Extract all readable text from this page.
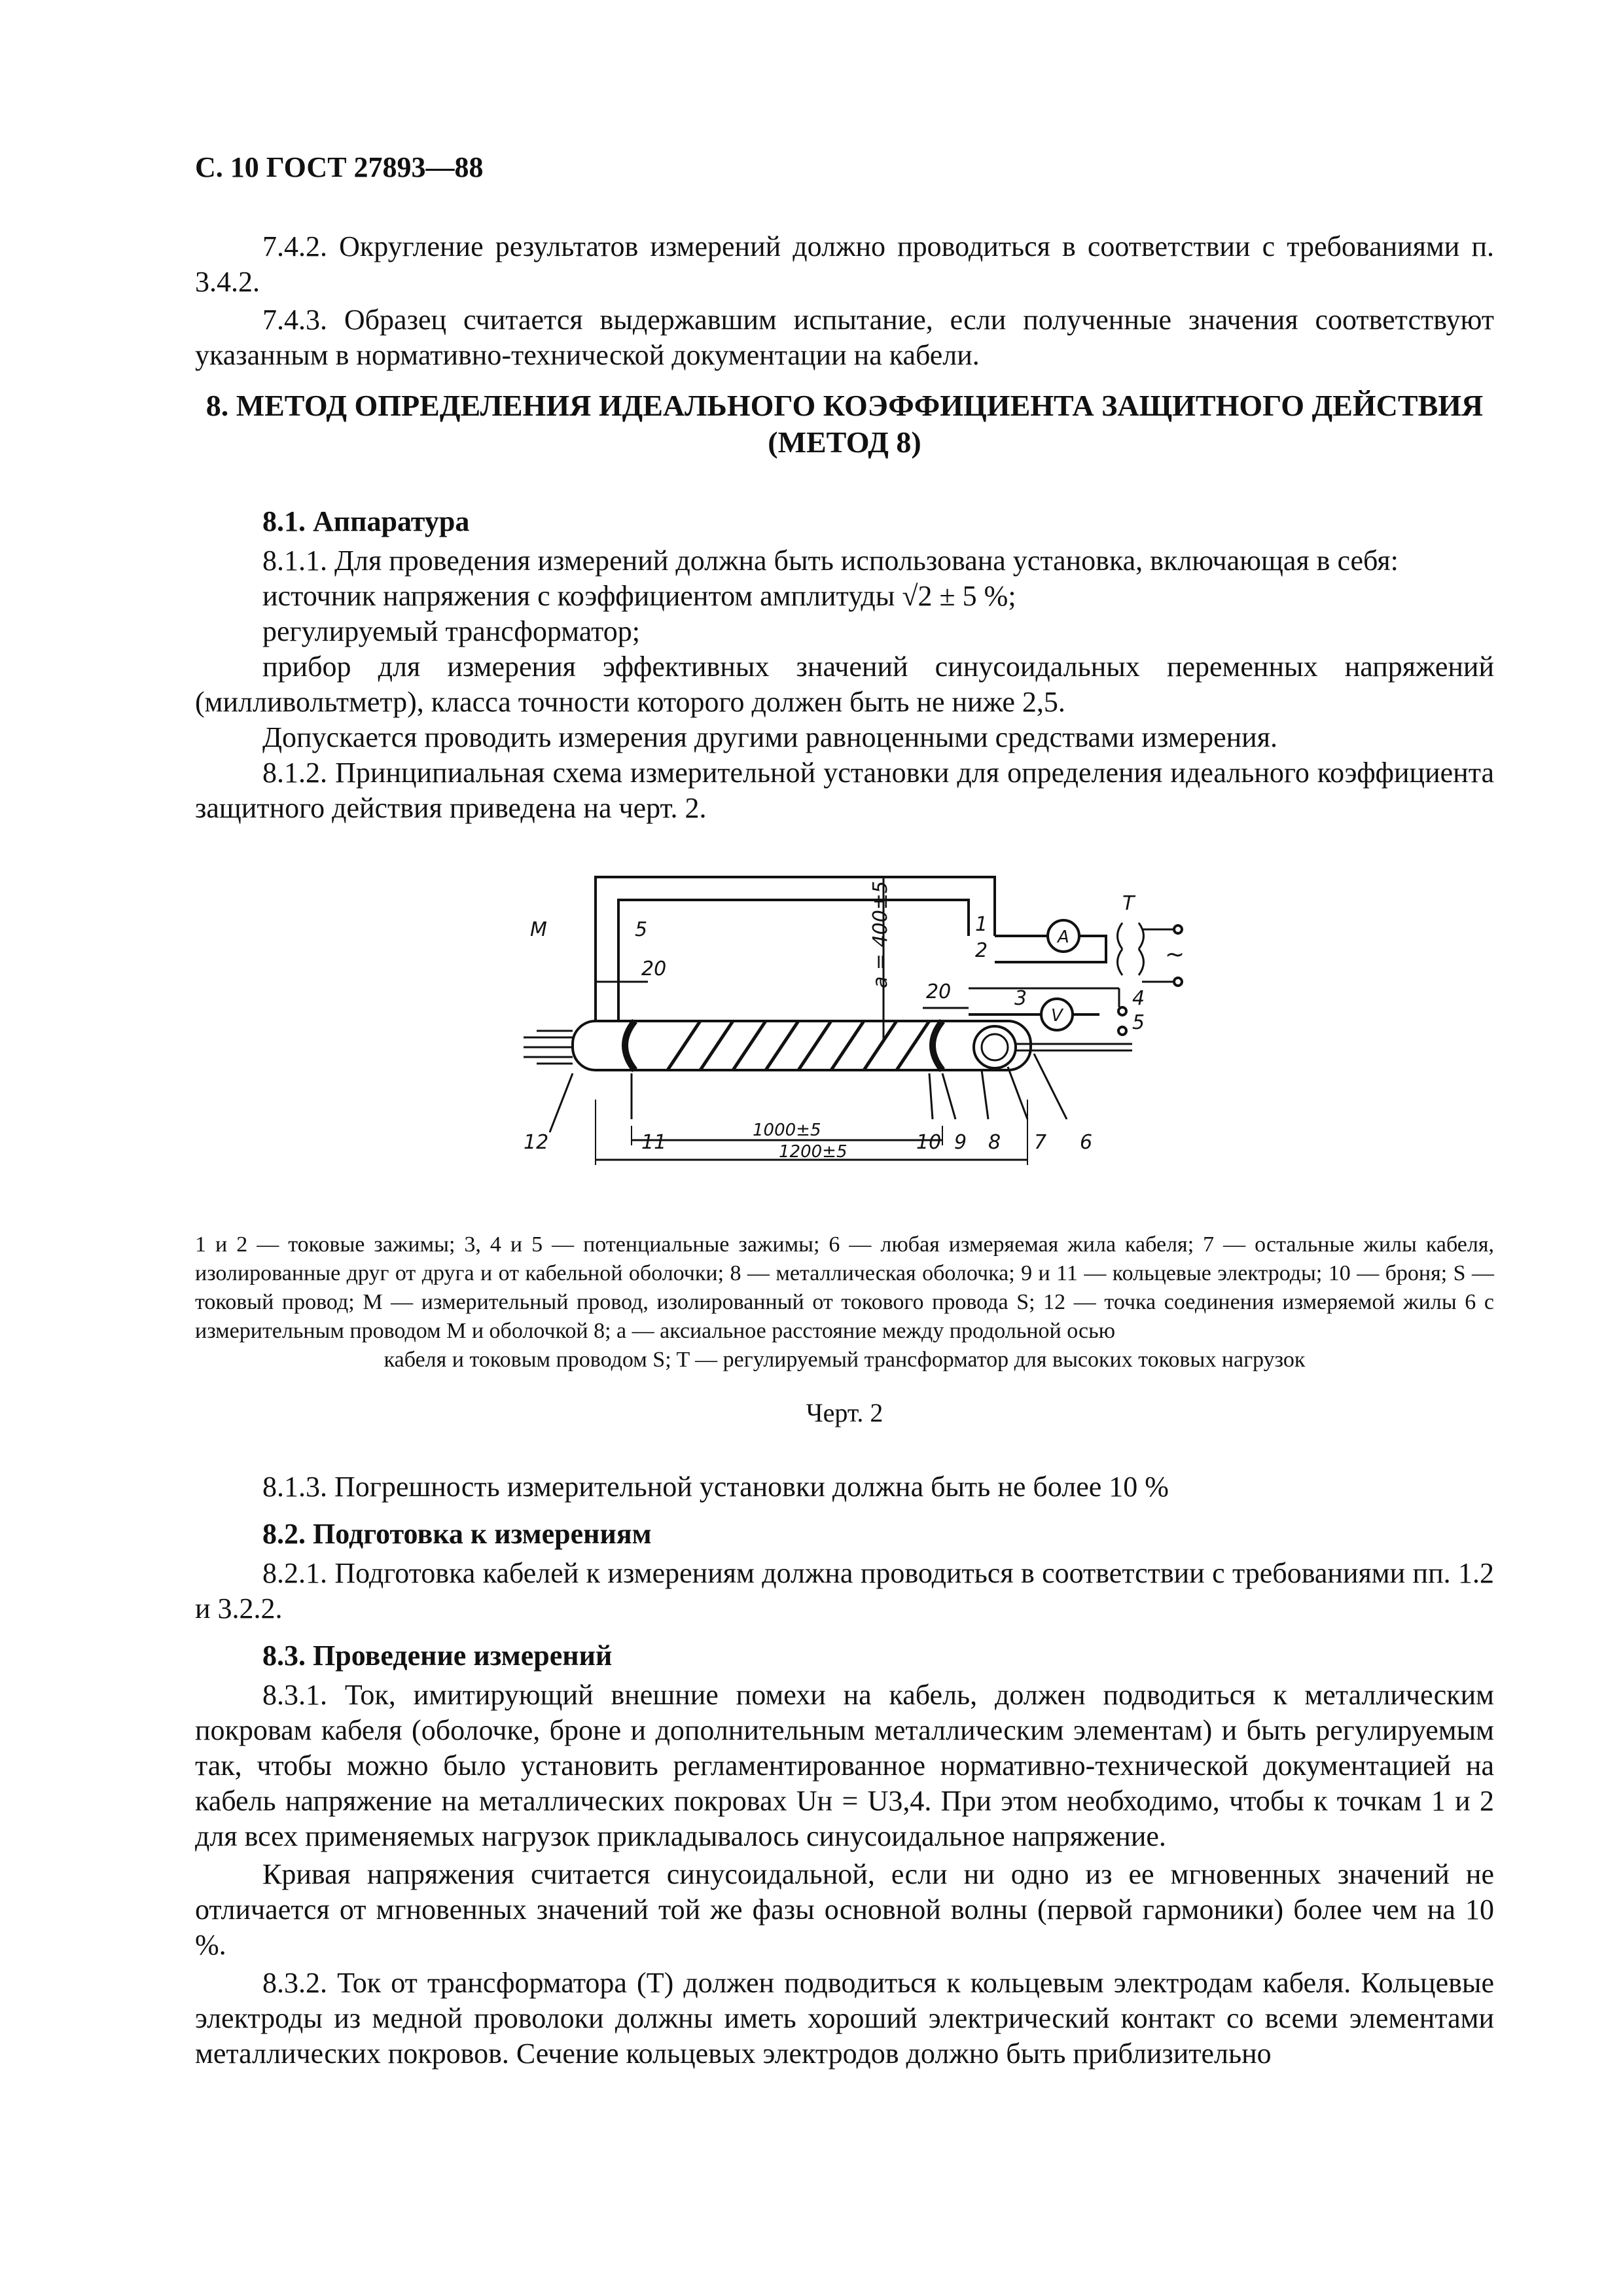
С. 10 ГОСТ 27893—88

7.4.2. Округление результатов измерений должно проводиться в соответствии с требованиями п. 3.4.2.

7.4.3. Образец считается выдержавшим испытание, если полученные значения соответствуют указанным в нормативно-технической документации на кабели.

8. МЕТОД ОПРЕДЕЛЕНИЯ ИДЕАЛЬНОГО КОЭФФИЦИЕНТА ЗАЩИТНОГО ДЕЙСТВИЯ
(МЕТОД 8)

8.1. Аппаратура

8.1.1. Для проведения измерений должна быть использована установка, включающая в себя:

источник напряжения с коэффициентом амплитуды √2 ± 5 %;

регулируемый трансформатор;

прибор для измерения эффективных значений синусоидальных переменных напряжений (милливольтметр), класса точности которого должен быть не ниже 2,5.

Допускается проводить измерения другими равноценными средствами измерения.

8.1.2. Принципиальная схема измерительной установки для определения идеального коэффициента защитного действия приведена на черт. 2.

M	5
20	a = 400±5	1
2
A
T
~
20	3
V
4
5
12	11	10 9 8 7 6
1000±5
1200±5
1 и 2 — токовые зажимы; 3, 4 и 5 — потенциальные зажимы; 6 — любая измеряемая жила кабеля; 7 — остальные жилы кабеля, изолированные друг от друга и от кабельной оболочки; 8 — металлическая оболочка; 9 и 11 — кольцевые электроды; 10 — броня; S — токовый провод; M — измерительный провод, изолированный от токового провода S; 12 — точка соединения измеряемой жилы 6 с измерительным проводом M и оболочкой 8; a — аксиальное расстояние между продольной осью
кабеля и токовым проводом S; T — регулируемый трансформатор для высоких токовых нагрузок
Черт. 2

8.1.3. Погрешность измерительной установки должна быть не более 10 %

8.2. Подготовка к измерениям

8.2.1. Подготовка кабелей к измерениям должна проводиться в соответствии с требованиями пп. 1.2 и 3.2.2.

8.3. Проведение измерений

8.3.1. Ток, имитирующий внешние помехи на кабель, должен подводиться к металлическим покровам кабеля (оболочке, броне и дополнительным металлическим элементам) и быть регулируемым так, чтобы можно было установить регламентированное нормативно-технической документацией на кабель напряжение на металлических покровах Uн = U3,4. При этом необходимо, чтобы к точкам 1 и 2 для всех применяемых нагрузок прикладывалось синусоидальное напряжение.

Кривая напряжения считается синусоидальной, если ни одно из ее мгновенных значений не отличается от мгновенных значений той же фазы основной волны (первой гармоники) более чем на 10 %.

8.3.2. Ток от трансформатора (T) должен подводиться к кольцевым электродам кабеля. Кольцевые электроды из медной проволоки должны иметь хороший электрический контакт со всеми элементами металлических покровов. Сечение кольцевых электродов должно быть приблизительно
